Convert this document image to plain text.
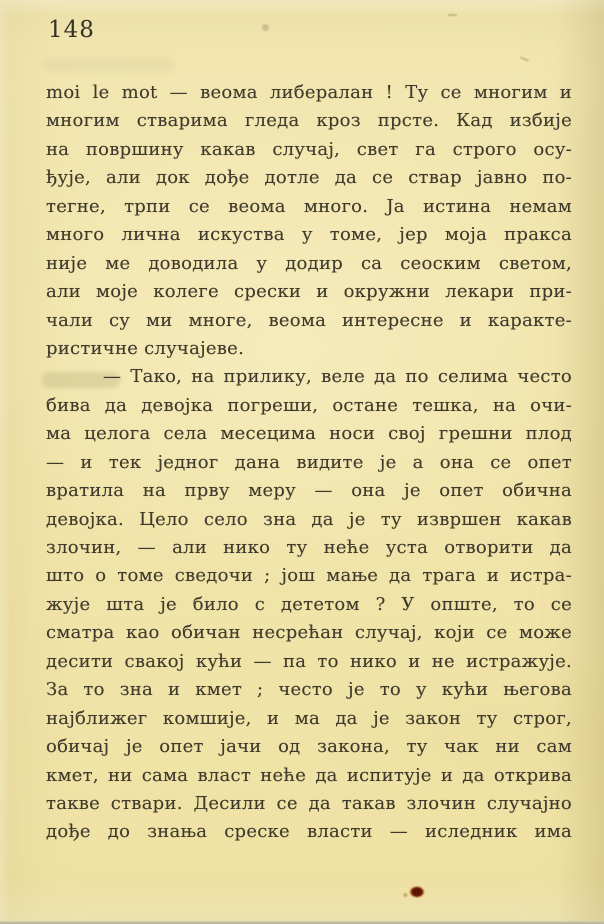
148
moi le mot — веома либералан ! Ту се многим и
многим стварима гледа кроз прсте. Кад избије
на површину какав случај, свет га строго осу-
ђује, али док дође дотле да се ствар јавно по-
тегне, трпи се веома много. Ја истина немам
много лична искуства у томе, јер моја пракса
није ме доводила у додир са сеоским светом,
али моје колеге срески и окружни лекари при-
чали су ми многе, веома интересне и каракте-
ристичне случајеве.
— Тако, на прилику, веле да по селима често
бива да девојка погреши, остане тешка, на очи-
ма целога села месецима носи свој грешни плод
— и тек једног дана видите је а она се опет
вратила на прву меру — она је опет обична
девојка. Цело село зна да је ту извршен какав
злочин, — али нико ту неће уста отворити да
што о томе сведочи ; још мање да трага и истра-
жује шта је било с дететом ? У опште, то се
сматра као обичан несрећан случај, који се може
десити свакој кући — па то нико и не истражује.
За то зна и кмет ; често је то у кући његова
најближег комшије, и ма да је закон ту строг,
обичај је опет јачи од закона, ту чак ни сам
кмет, ни сама власт неће да испитује и да открива
такве ствари. Десили се да такав злочин случајно
дође до знања среске власти — иследник има
